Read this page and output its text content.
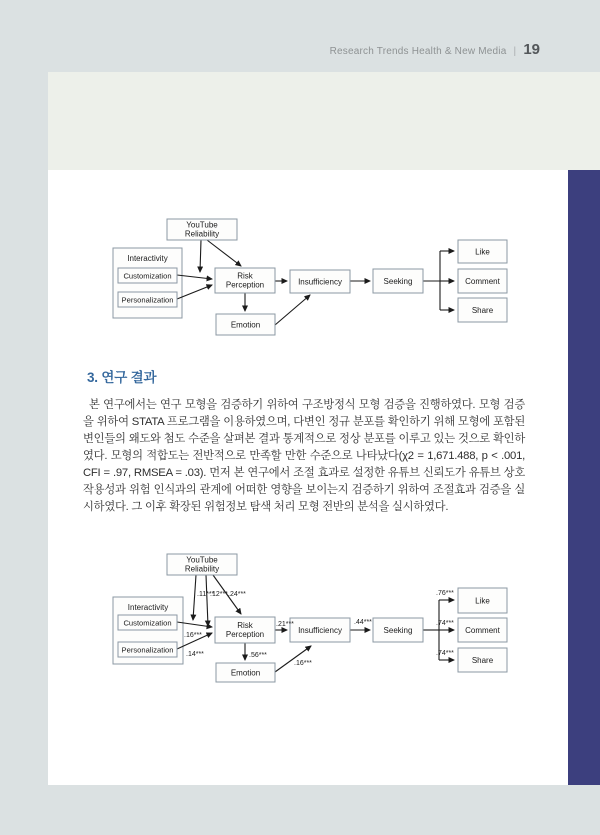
Research Trends Health & New Media | 19
Interactivity
YouTube Reliability
Customization
Personalization
Risk Perception	Insufficiency
Emotion
Seeking
Like
Comment
Share
Interactivity
YouTube Reliability
Customization
Personalization
Risk Perception	Insufficiency
Emotion
Seeking
Like
Comment
Share
.11***
.12*** .24***
.16***
.14***
.21***
.56***
.16***
.44***
.76***
.74***
.74***
3. 연구 결과

본 연구에서는 연구 모형을 검증하기 위하여 구조방정식 모형 검증을 진행하였다. 모형 검증을 위하여 STATA 프로그램을 이용하였으며, 다변인 정규 분포를 확인하기 위해 모형에 포함된 변인들의 왜도와 첨도 수준을 살펴본 결과 통계적으로 정상 분포를 이루고 있는 것으로 확인하였다. 모형의 적합도는 전반적으로 만족할 만한 수준으로 나타났다(χ2 = 1,671.488, p < .001, CFI = .97, RMSEA = .03). 먼저 본 연구에서 조절 효과로 설정한 유튜브 신뢰도가 유튜브 상호작용성과 위험 인식과의 관계에 어떠한 영향을 보이는지 검증하기 위하여 조절효과 검증을 실시하였다. 그 이후 확장된 위험정보 탐색 처리 모형 전반의 분석을 실시하였다.
